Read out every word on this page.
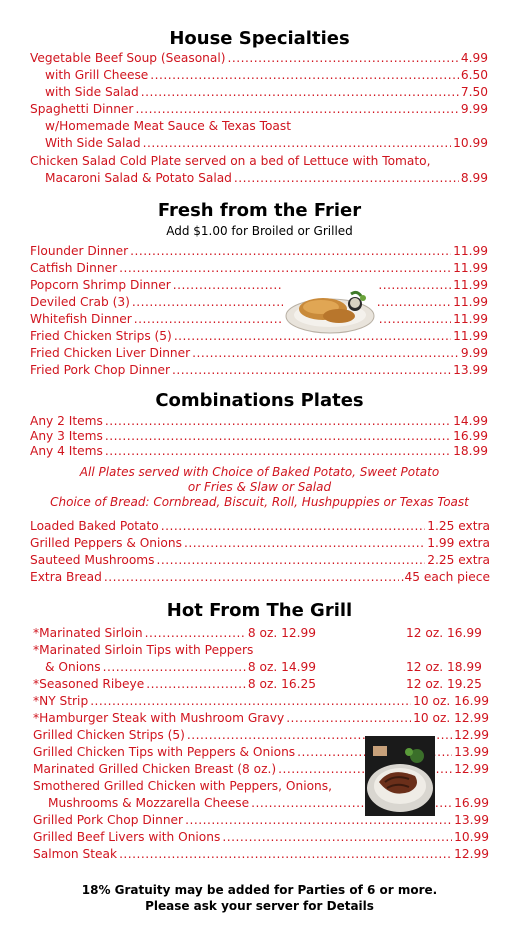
House Specialties
Vegetable Beef Soup (Seasonal) .....	4.99
with Grill Cheese .....	6.50
with Side Salad .....	7.50
Spaghetti Dinner .....	9.99
w/Homemade Meat Sauce & Texas Toast
With Side Salad .....	10.99
Chicken Salad Cold Plate served on a bed of Lettuce with Tomato,
Macaroni Salad & Potato Salad .....	8.99
Fresh from the Frier
Add $1.00 for Broiled or Grilled
Flounder Dinner .....	11.99
Catfish Dinner .....	11.99
Popcorn Shrimp Dinner .....	11.99
Deviled Crab (3) .....	11.99
Whitefish Dinner .....	11.99
Fried Chicken Strips (5) .....	11.99
Fried Chicken Liver Dinner .....	9.99
Fried Pork Chop Dinner .....	13.99
Combinations Plates
Any 2 Items .....	14.99
Any 3 Items .....	16.99
Any 4 Items .....	18.99
All Plates served with Choice of Baked Potato, Sweet Potato
or Fries & Slaw or Salad
Choice of Bread: Cornbread, Biscuit, Roll, Hushpuppies or Texas Toast
Loaded Baked Potato .....	1.25 extra
Grilled Peppers & Onions .....	1.99 extra
Sauteed Mushrooms .....	2.25 extra
Extra Bread .....	.45 each piece
Hot From The Grill
*Marinated Sirloin .....	8 oz. 12.99	12 oz. 16.99
*Marinated Sirloin Tips with Peppers
& Onions .....	8 oz. 14.99	12 oz. 18.99
*Seasoned Ribeye .....	8 oz. 16.25	12 oz. 19.25
*NY Strip .....	10 oz. 16.99
*Hamburger Steak with Mushroom Gravy .....	10 oz. 12.99
Grilled Chicken Strips (5) .....	12.99
Grilled Chicken Tips with Peppers & Onions .....	13.99
Marinated Grilled Chicken Breast (8 oz.) .....	12.99
Smothered Grilled Chicken with Peppers, Onions,
Mushrooms & Mozzarella Cheese .....	16.99
Grilled Pork Chop Dinner .....	13.99
Grilled Beef Livers with Onions .....	10.99
Salmon Steak .....	12.99
18% Gratuity may be added for Parties of 6 or more.
Please ask your server for Details
